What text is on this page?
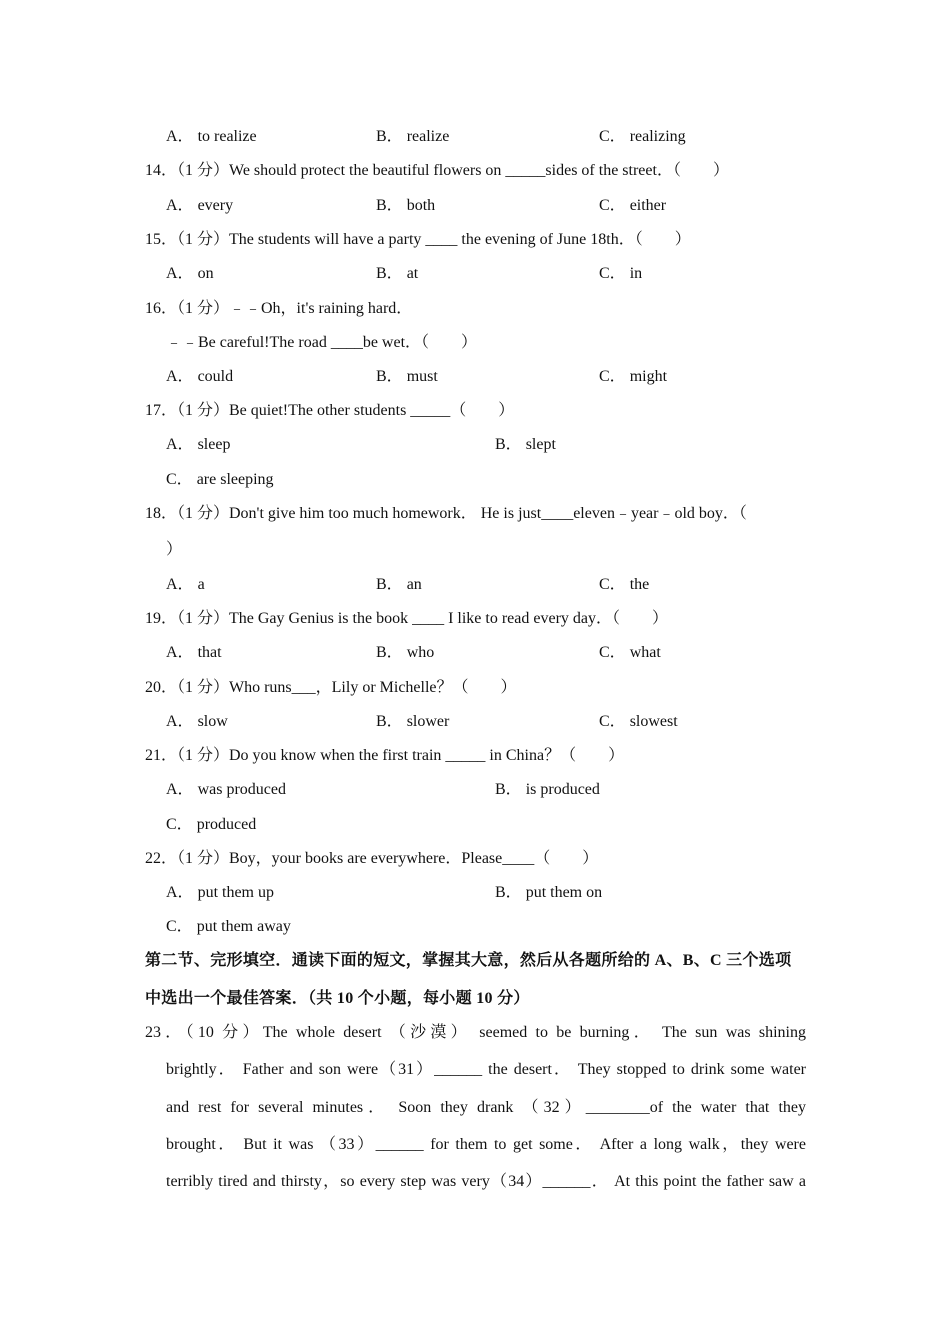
A． to realize	B． realize	C． realizing
14．（1 分）We should protect the beautiful flowers on _____sides of the street．（　　）
A． every	B． both	C． either
15．（1 分）The students will have a party ____ the evening of June 18th．（　　）
A． on	B． at	C． in
16．（1 分）﹣﹣Oh，it's raining hard．
﹣﹣Be careful!The road ____be wet．（　　）
A． could	B． must	C． might
17．（1 分）Be quiet!The other students _____（　　）
A． sleep	B． slept
C． are sleeping
18．（1 分）Don't give him too much homework． He is just____eleven﹣year﹣old boy．（
）
A． a	B． an	C． the
19．（1 分）The Gay Genius is the book ____ I like to read every day．（　　）
A． that	B． who	C． what
20．（1 分）Who runs___，Lily or Michelle？（　　）
A． slow	B． slower	C． slowest
21．（1 分）Do you know when the first train _____ in China？（　　）
A． was produced	B． is produced
C． produced
22．（1 分）Boy，your books are everywhere．Please____（　　）
A． put them up	B． put them on
C． put them away
第二节、完形填空．通读下面的短文，掌握其大意，然后从各题所给的 A、B、C 三个选项
中选出一个最佳答案．（共 10 个小题，每小题 10 分）
23．（10 分）The whole desert （沙漠） seemed to be burning． The sun was shining
brightly． Father and son were（31）______ the desert． They stopped to drink some water
and rest for several minutes． Soon they drank （32）________of the water that they
brought． But it was （33）______ for them to get some． After a long walk，they were
terribly tired and thirsty，so every step was very（34）______． At this point the father saw a
